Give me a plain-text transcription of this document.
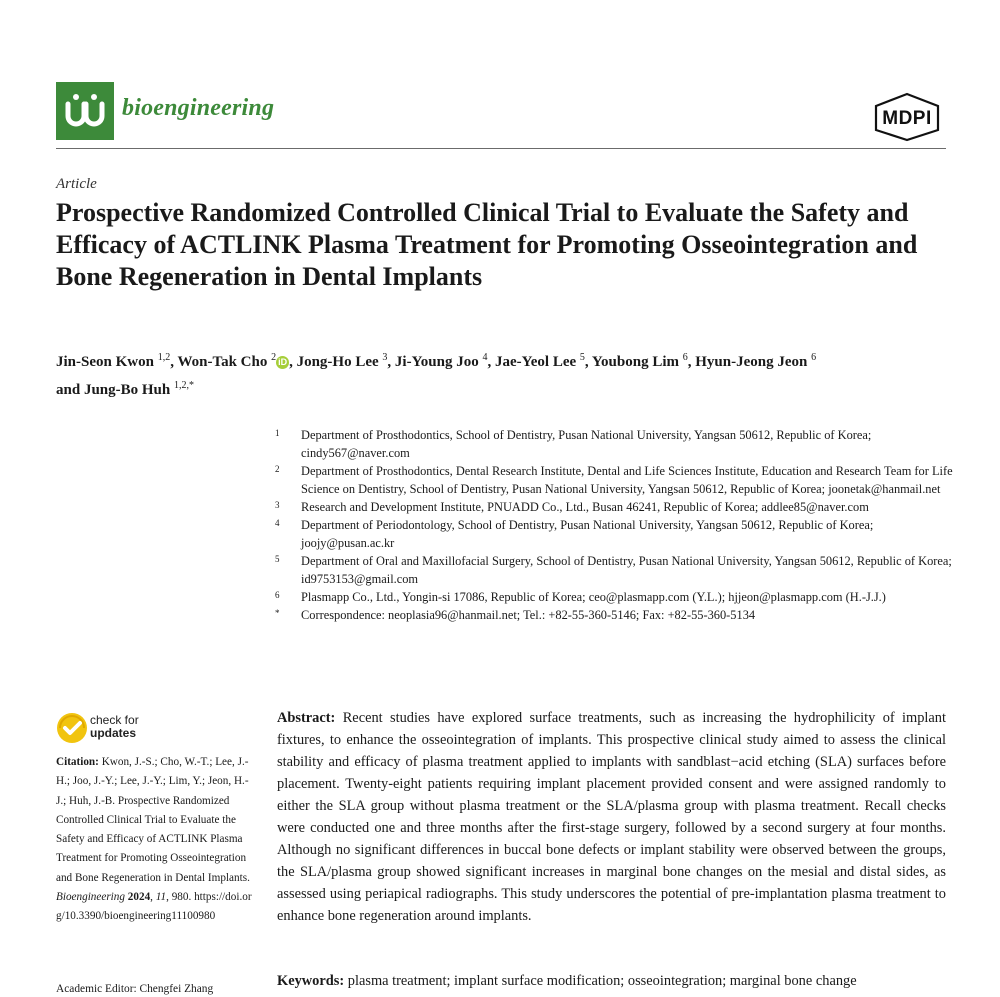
bioengineering	MDPI
Article
Prospective Randomized Controlled Clinical Trial to Evaluate the Safety and Efficacy of ACTLINK Plasma Treatment for Promoting Osseointegration and Bone Regeneration in Dental Implants
Jin-Seon Kwon $^{1,2}$, Won-Tak Cho $^2$ iD , Jong-Ho Lee $^3$, Ji-Young Joo $^4$, Jae-Yeol Lee $^5$, Youbong Lim $^6$, Hyun-Jeong Jeon $^6$
and Jung-Bo Huh $^{1,2,*}$
1 Department of Prosthodontics, School of Dentistry, Pusan National University, Yangsan 50612, Republic of Korea; cindy567@naver.com
2 Department of Prosthodontics, Dental Research Institute, Dental and Life Sciences Institute, Education and Research Team for Life Science on Dentistry, School of Dentistry, Pusan National University, Yangsan 50612, Republic of Korea; joonetak@hanmail.net
3 Research and Development Institute, PNUADD Co., Ltd., Busan 46241, Republic of Korea; addlee85@naver.com
4 Department of Periodontology, School of Dentistry, Pusan National University, Yangsan 50612, Republic of Korea; joojy@pusan.ac.kr
5 Department of Oral and Maxillofacial Surgery, School of Dentistry, Pusan National University, Yangsan 50612, Republic of Korea; id9753153@gmail.com
6 Plasmapp Co., Ltd., Yongin-si 17086, Republic of Korea; ceo@plasmapp.com (Y.L.); hjjeon@plasmapp.com (H.-J.J.)
* Correspondence: neoplasia96@hanmail.net; Tel.: +82-55-360-5146; Fax: +82-55-360-5134
check for
updates
Citation: Kwon, J.-S.; Cho, W.-T.; Lee, J.-H.; Joo, J.-Y.; Lee, J.-Y.; Lim, Y.; Jeon, H.-J.; Huh, J.-B. Prospective Randomized Controlled Clinical Trial to Evaluate the Safety and Efficacy of ACTLINK Plasma Treatment for Promoting Osseointegration and Bone Regeneration in Dental Implants. Bioengineering 2024, 11, 980. https://doi.org/10.3390/bioengineering11100980
Academic Editor: Chengfei Zhang
Abstract: Recent studies have explored surface treatments, such as increasing the hydrophilicity of implant fixtures, to enhance the osseointegration of implants. This prospective clinical study aimed to assess the clinical stability and efficacy of plasma treatment applied to implants with sandblast−acid etching (SLA) surfaces before placement. Twenty-eight patients requiring implant placement provided consent and were assigned randomly to either the SLA group without plasma treatment or the SLA/plasma group with plasma treatment. Recall checks were conducted one and three months after the first-stage surgery, followed by a second surgery at four months. Although no significant differences in buccal bone defects or implant stability were observed between the groups, the SLA/plasma group showed significant increases in marginal bone changes on the mesial and distal sides, as assessed using periapical radiographs. This study underscores the potential of pre-implantation plasma treatment to enhance bone regeneration around implants.
Keywords: plasma treatment; implant surface modification; osseointegration; marginal bone change
